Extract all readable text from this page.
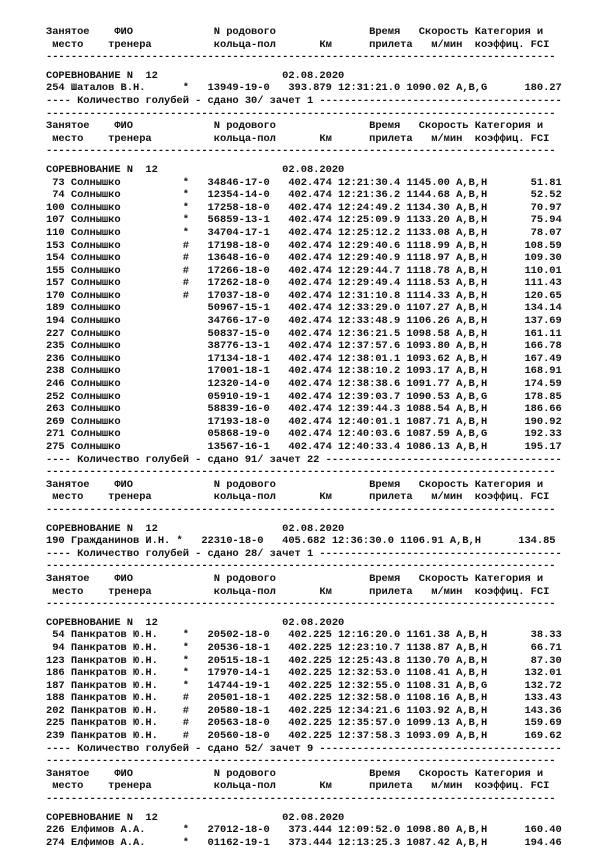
Занятое    ФИО             N родового               Время   Скорость Категория и
место    тренера          кольца-пол       Км      прилета   м/мин  коэффиц. FCI
----------------------------------------------------------------------------------
СОРЕВНОВАНИЕ N  12                    02.08.2020
254 Шаталов В.Н.      *   13949-19-0   393.879 12:31:21.0 1090.02 A,B,G      180.27
---- Количество голубей - сдано 30/ зачет 1 ---------------------------------------
----------------------------------------------------------------------------------
Занятое    ФИО             N родового               Время   Скорость Категория и
место    тренера          кольца-пол       Км      прилета   м/мин  коэффиц. FCI
----------------------------------------------------------------------------------
СОРЕВНОВАНИЕ N  12                    02.08.2020
73 Солнышко          *   34846-17-0   402.474 12:21:30.4 1145.00 A,B,H       51.81
74 Солнышко          *   12354-14-0   402.474 12:21:36.2 1144.68 A,B,H       52.52
100 Солнышко          *   17258-18-0   402.474 12:24:49.2 1134.30 A,B,H       70.97
107 Солнышко          *   56859-13-1   402.474 12:25:09.9 1133.20 A,B,H       75.94
110 Солнышко          *   34704-17-1   402.474 12:25:12.2 1133.08 A,B,H       78.07
153 Солнышко          #   17198-18-0   402.474 12:29:40.6 1118.99 A,B,H      108.59
154 Солнышко          #   13648-16-0   402.474 12:29:40.9 1118.97 A,B,H      109.30
155 Солнышко          #   17266-18-0   402.474 12:29:44.7 1118.78 A,B,H      110.01
157 Солнышко          #   17262-18-0   402.474 12:29:49.4 1118.53 A,B,H      111.43
170 Солнышко          #   17037-18-0   402.474 12:31:10.8 1114.33 A,B,H      120.65
189 Солнышко              50967-15-1   402.474 12:33:29.0 1107.27 A,B,H      134.14
194 Солнышко              34766-17-0   402.474 12:33:48.9 1106.26 A,B,H      137.69
227 Солнышко              50837-15-0   402.474 12:36:21.5 1098.58 A,B,H      161.11
235 Солнышко              38776-13-1   402.474 12:37:57.6 1093.80 A,B,H      166.78
236 Солнышко              17134-18-1   402.474 12:38:01.1 1093.62 A,B,H      167.49
238 Солнышко              17001-18-1   402.474 12:38:10.2 1093.17 A,B,H      168.91
246 Солнышко              12320-14-0   402.474 12:38:38.6 1091.77 A,B,H      174.59
252 Солнышко              05910-19-1   402.474 12:39:03.7 1090.53 A,B,G      178.85
263 Солнышко              58839-16-0   402.474 12:39:44.3 1088.54 A,B,H      186.66
269 Солнышко              17193-18-0   402.474 12:40:01.1 1087.71 A,B,H      190.92
271 Солнышко              05868-19-0   402.474 12:40:03.6 1087.59 A,B,G      192.33
275 Солнышко              13567-16-1   402.474 12:40:33.4 1086.13 A,B,H      195.17
---- Количество голубей - сдано 91/ зачет 22 --------------------------------------
----------------------------------------------------------------------------------
Занятое    ФИО             N родового               Время   Скорость Категория и
место    тренера          кольца-пол       Км      прилета   м/мин  коэффиц. FCI
----------------------------------------------------------------------------------
СОРЕВНОВАНИЕ N  12                    02.08.2020
190 Гражданинов И.Н. *   22310-18-0   405.682 12:36:30.0 1106.91 A,B,H      134.85
---- Количество голубей - сдано 28/ зачет 1 ---------------------------------------
----------------------------------------------------------------------------------
Занятое    ФИО             N родового               Время   Скорость Категория и
место    тренера          кольца-пол       Км      прилета   м/мин  коэффиц. FCI
----------------------------------------------------------------------------------
СОРЕВНОВАНИЕ N  12                    02.08.2020
54 Панкратов Ю.Н.    *   20502-18-0   402.225 12:16:20.0 1161.38 A,B,H       38.33
94 Панкратов Ю.Н.    *   20536-18-1   402.225 12:23:10.7 1138.87 A,B,H       66.71
123 Панкратов Ю.Н.    *   20515-18-1   402.225 12:25:43.8 1130.70 A,B,H       87.30
186 Панкратов Ю.Н.    *   17970-14-1   402.225 12:32:53.0 1108.41 A,B,H      132.01
187 Панкратов Ю.Н.    *   14744-19-1   402.225 12:32:55.0 1108.31 A,B,G      132.72
188 Панкратов Ю.Н.    #   20501-18-1   402.225 12:32:58.0 1108.16 A,B,H      133.43
202 Панкратов Ю.Н.    #   20580-18-1   402.225 12:34:21.6 1103.92 A,B,H      143.36
225 Панкратов Ю.Н.    #   20563-18-0   402.225 12:35:57.0 1099.13 A,B,H      159.69
239 Панкратов Ю.Н.    #   20560-18-0   402.225 12:37:58.3 1093.09 A,B,H      169.62
---- Количество голубей - сдано 52/ зачет 9 ---------------------------------------
----------------------------------------------------------------------------------
Занятое    ФИО             N родового               Время   Скорость Категория и
место    тренера          кольца-пол       Км      прилета   м/мин  коэффиц. FCI
----------------------------------------------------------------------------------
СОРЕВНОВАНИЕ N  12                    02.08.2020
226 Елфимов А.А.      *   27012-18-0   373.444 12:09:52.0 1098.80 A,B,H      160.40
274 Елфимов А.А.      *   01162-19-1   373.444 12:13:25.3 1087.42 A,B,H      194.46
